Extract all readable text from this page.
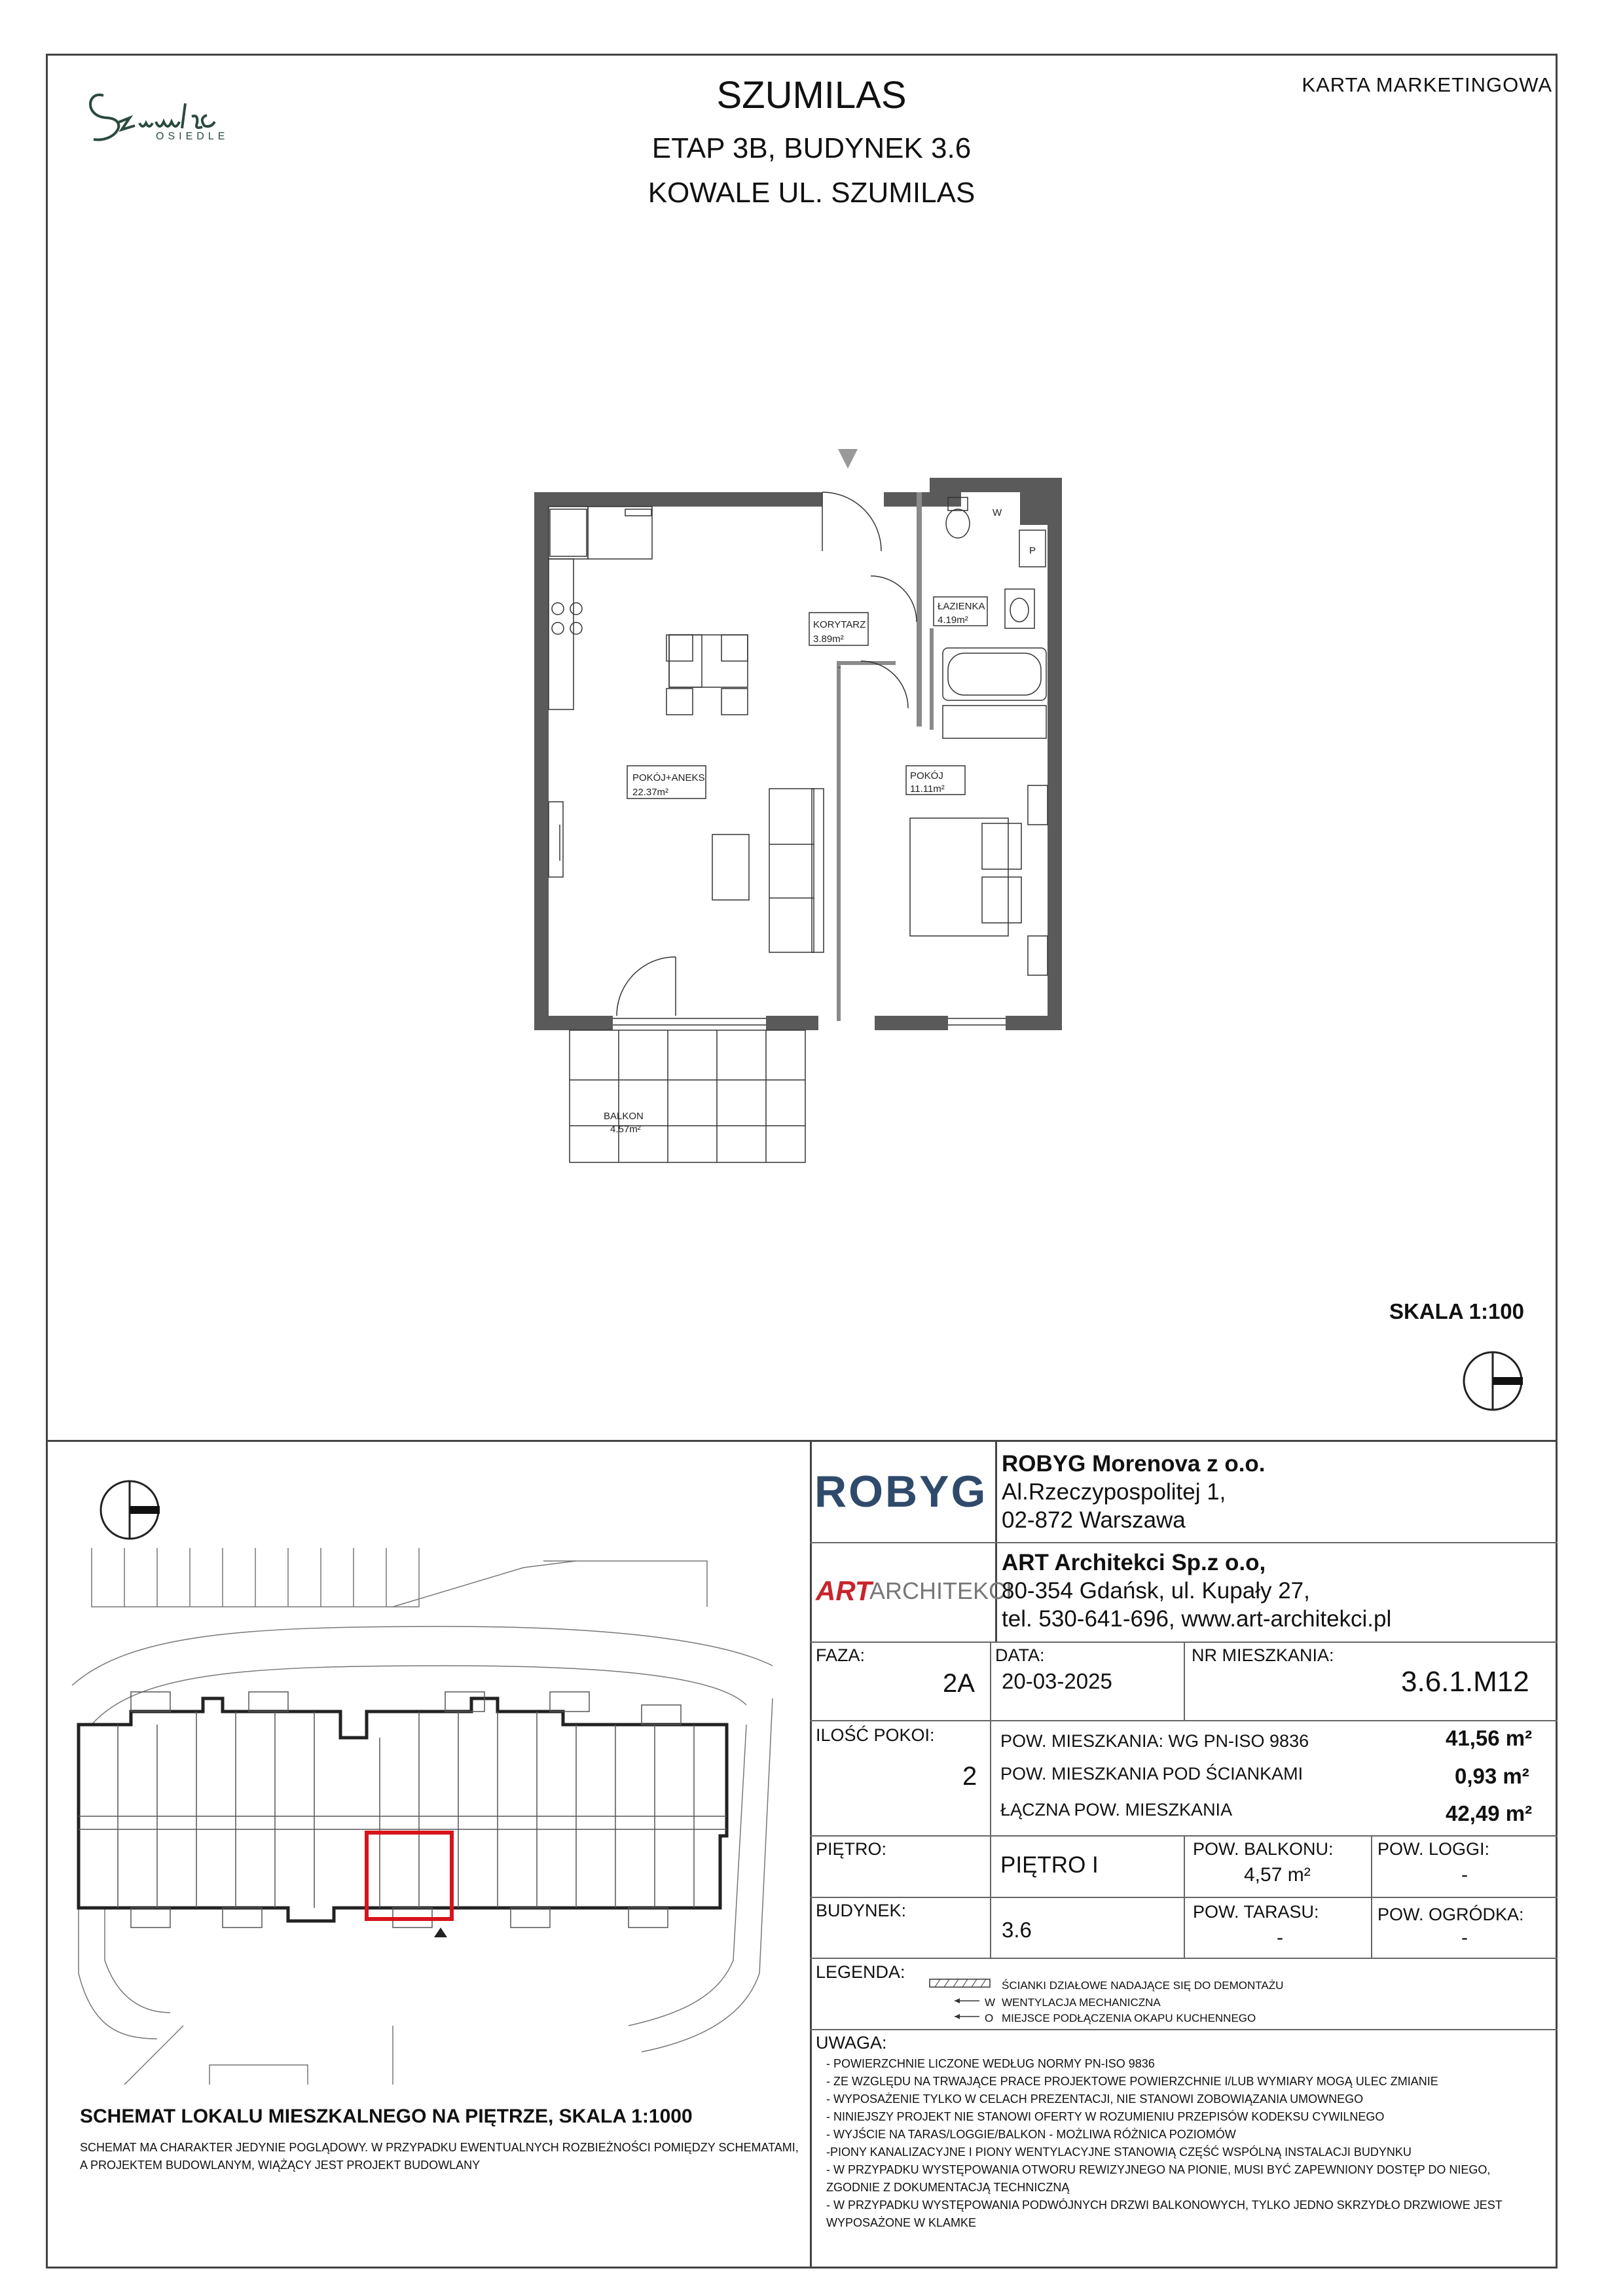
OSIEDLE
KARTA MARKETINGOWA
SZUMILAS
ETAP 3B, BUDYNEK 3.6
KOWALE UL. SZUMILAS
POKÓJ+ANEKS
22.37m²
KORYTARZ
3.89m²
ŁAZIENKA
4.19m²
POKÓJ
11.11m²
BALKON
4.57m²
W
P
SKALA 1:100
SCHEMAT LOKALU MIESZKALNEGO NA PIĘTRZE, SKALA 1:1000
SCHEMAT MA CHARAKTER JEDYNIE POGLĄDOWY. W PRZYPADKU EWENTUALNYCH ROZBIEŻNOŚCI POMIĘDZY SCHEMATAMI, A PROJEKTEM BUDOWLANYM, WIĄŻĄCY JEST PROJEKT BUDOWLANY
ROBYG
ROBYG Morenova z o.o.
Al.Rzeczypospolitej 1,
02-872 Warszawa
ART
ARCHITEKCI
ART Architekci Sp.z o.o,
80-354 Gdańsk, ul. Kupały 27,
tel. 530-641-696, www.art-architekci.pl
FAZA:
2A
DATA:
20-03-2025
NR MIESZKANIA:
3.6.1.M12
ILOŚĆ POKOI:
2
POW. MIESZKANIA: WG PN-ISO 9836	41,56 m²
POW. MIESZKANIA POD ŚCIANKAMI	0,93 m²
ŁĄCZNA POW. MIESZKANIA	42,49 m²
PIĘTRO:
PIĘTRO I
POW. BALKONU:
4,57 m²
POW. LOGGI:
-
BUDYNEK:
3.6
POW. TARASU:
-
POW. OGRÓDKA:
-
LEGENDA:
W
O
ŚCIANKI DZIAŁOWE NADAJĄCE SIĘ DO DEMONTAŻU
WENTYLACJA MECHANICZNA
MIEJSCE PODŁĄCZENIA OKAPU KUCHENNEGO
UWAGA:
- POWIERZCHNIE LICZONE WEDŁUG NORMY PN-ISO 9836
- ZE WZGLĘDU NA TRWAJĄCE PRACE PROJEKTOWE POWIERZCHNIE I/LUB WYMIARY MOGĄ ULEC ZMIANIE
- WYPOSAŻENIE TYLKO W CELACH PREZENTACJI, NIE STANOWI ZOBOWIĄZANIA UMOWNEGO
- NINIEJSZY PROJEKT NIE STANOWI OFERTY W ROZUMIENIU PRZEPISÓW KODEKSU CYWILNEGO
- WYJŚCIE NA TARAS/LOGGIE/BALKON - MOŻLIWA RÓŻNICA POZIOMÓW
-PIONY KANALIZACYJNE I PIONY WENTYLACYJNE STANOWIĄ CZĘŚĆ WSPÓLNĄ INSTALACJI BUDYNKU
- W PRZYPADKU WYSTĘPOWANIA OTWORU REWIZYJNEGO NA PIONIE, MUSI BYĆ ZAPEWNIONY DOSTĘP DO NIEGO, ZGODNIE Z DOKUMENTACJĄ TECHNICZNĄ
- W PRZYPADKU WYSTĘPOWANIA PODWÓJNYCH DRZWI BALKONOWYCH, TYLKO JEDNO SKRZYDŁO DRZWIOWE JEST WYPOSAŻONE W KLAMKE
